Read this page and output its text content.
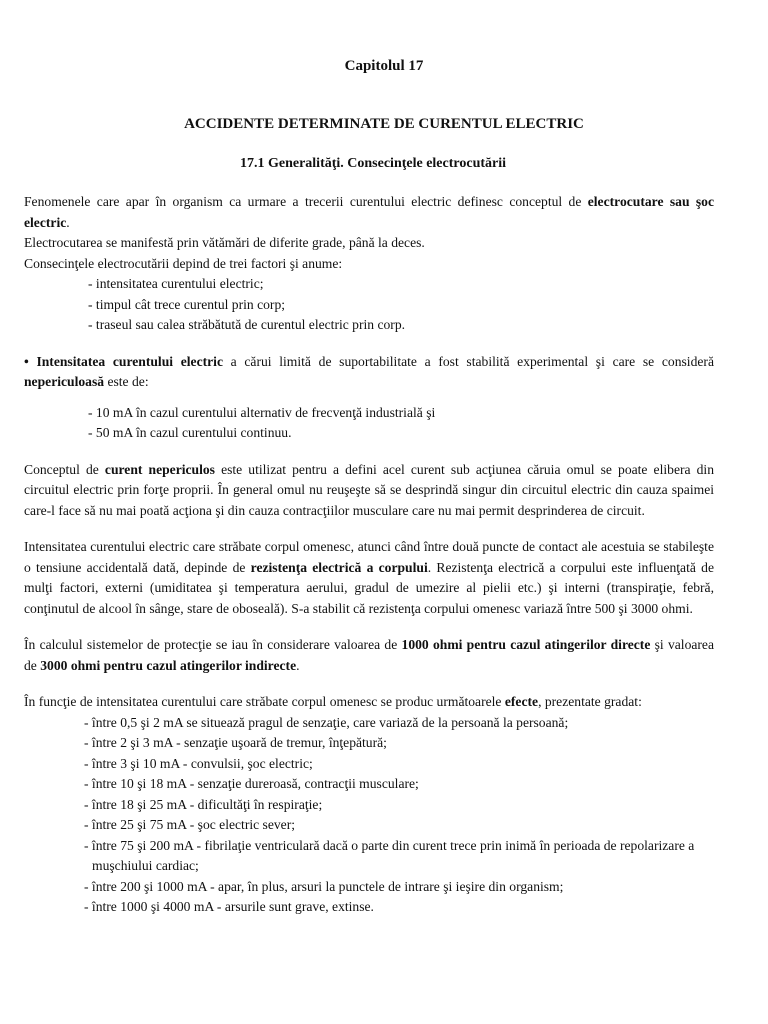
Capitolul 17
ACCIDENTE DETERMINATE DE CURENTUL ELECTRIC
17.1 Generalităţi. Consecinţele electrocutării

Fenomenele care apar în organism ca urmare a trecerii curentului electric definesc conceptul de electrocutare sau şoc electric.

Electrocutarea se manifestă prin vătămări de diferite grade, până la deces.

Consecinţele electrocutării depind de trei factori şi anume:

- intensitatea curentului electric;
- timpul cât trece curentul prin corp;
- traseul sau calea străbătută de curentul electric prin corp.

• Intensitatea curentului electric a cărui limită de suportabilitate a fost stabilită experimental şi care se consideră nepericuloasă este de:

- 10 mA în cazul curentului alternativ de frecvenţă industrială şi
- 50 mA în cazul curentului continuu.

Conceptul de curent nepericulos este utilizat pentru a defini acel curent sub acţiunea căruia omul se poate elibera din circuitul electric prin forţe proprii. În general omul nu reuşeşte să se desprindă singur din circuitul electric din cauza spaimei care-l face să nu mai poată acţiona şi din cauza contracţiilor musculare care nu mai permit desprinderea de circuit.

Intensitatea curentului electric care străbate corpul omenesc, atunci când între două puncte de contact ale acestuia se stabileşte o tensiune accidentală dată, depinde de rezistenţa electrică a corpului. Rezistenţa electrică a corpului este influenţată de mulţi factori, externi (umiditatea şi temperatura aerului, gradul de umezire al pielii etc.) şi interni (transpiraţie, febră, conţinutul de alcool în sânge, stare de oboseală). S-a stabilit că rezistenţa corpului omenesc variază între 500 şi 3000 ohmi.

În calculul sistemelor de protecţie se iau în considerare valoarea de 1000 ohmi pentru cazul atingerilor directe şi valoarea de 3000 ohmi pentru cazul atingerilor indirecte.

În funcţie de intensitatea curentului care străbate corpul omenesc se produc următoarele efecte, prezentate gradat:

- între 0,5 şi 2 mA se situează pragul de senzaţie, care variază de la persoană la persoană;
- între 2 şi 3 mA - senzaţie uşoară de tremur, înţepătură;
- între 3 şi 10 mA - convulsii, şoc electric;
- între 10 şi 18 mA - senzaţie dureroasă, contracţii musculare;
- între 18 şi 25 mA - dificultăţi în respiraţie;
- între 25 şi 75 mA - şoc electric sever;
- între 75 şi 200 mA - fibrilaţie ventriculară dacă o parte din curent trece prin inimă în perioada de repolarizare a muşchiului cardiac;
- între 200 şi 1000 mA - apar, în plus, arsuri la punctele de intrare şi ieşire din organism;
- între 1000 şi 4000 mA - arsurile sunt grave, extinse.
